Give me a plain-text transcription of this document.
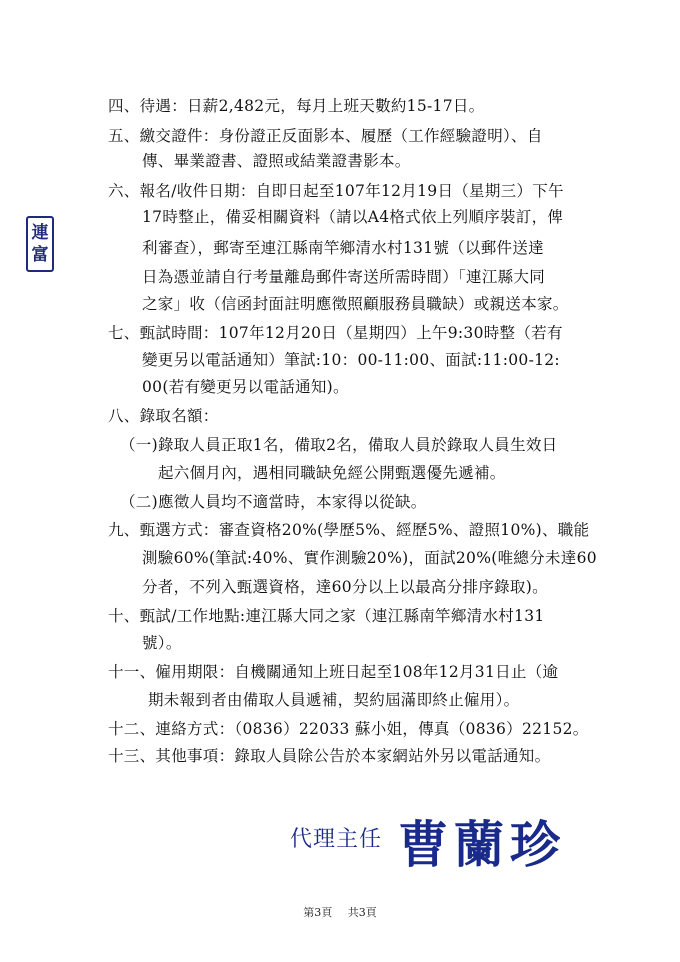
四、待遇：日薪2,482元，每月上班天數約15-17日。
五、繳交證件：身份證正反面影本、履歷（工作經驗證明）、自
傳、畢業證書、證照或結業證書影本。
六、報名/收件日期：自即日起至107年12月19日（星期三）下午
17時整止，備妥相關資料（請以A4格式依上列順序裝訂，俾
利審查），郵寄至連江縣南竿鄉清水村131號（以郵件送達
日為憑並請自行考量離島郵件寄送所需時間）「連江縣大同
之家」收（信函封面註明應徵照顧服務員職缺）或親送本家。
七、甄試時間：107年12月20日（星期四）上午9:30時整（若有
變更另以電話通知）筆試:10：00-11:00、面試:11:00-12:
00(若有變更另以電話通知)。
八、錄取名額：
（一)錄取人員正取1名，備取2名，備取人員於錄取人員生效日
起六個月內，遇相同職缺免經公開甄選優先遞補。
（二)應徵人員均不適當時，本家得以從缺。
九、甄選方式：審查資格20%(學歷5%、經歷5%、證照10%)、職能
測驗60%(筆試:40%、實作測驗20%)，面試20%(唯總分未達60
分者，不列入甄選資格，達60分以上以最高分排序錄取)。
十、甄試/工作地點:連江縣大同之家（連江縣南竿鄉清水村131
號）。
十一、僱用期限：自機關通知上班日起至108年12月31日止（逾
期未報到者由備取人員遞補，契約屆滿即終止僱用）。
十二、連絡方式：（0836）22033 蘇小姐，傳真（0836）22152。
十三、其他事項：錄取人員除公告於本家網站外另以電話通知。
連
富
代理主任 曹蘭珍
第3頁 共3頁
